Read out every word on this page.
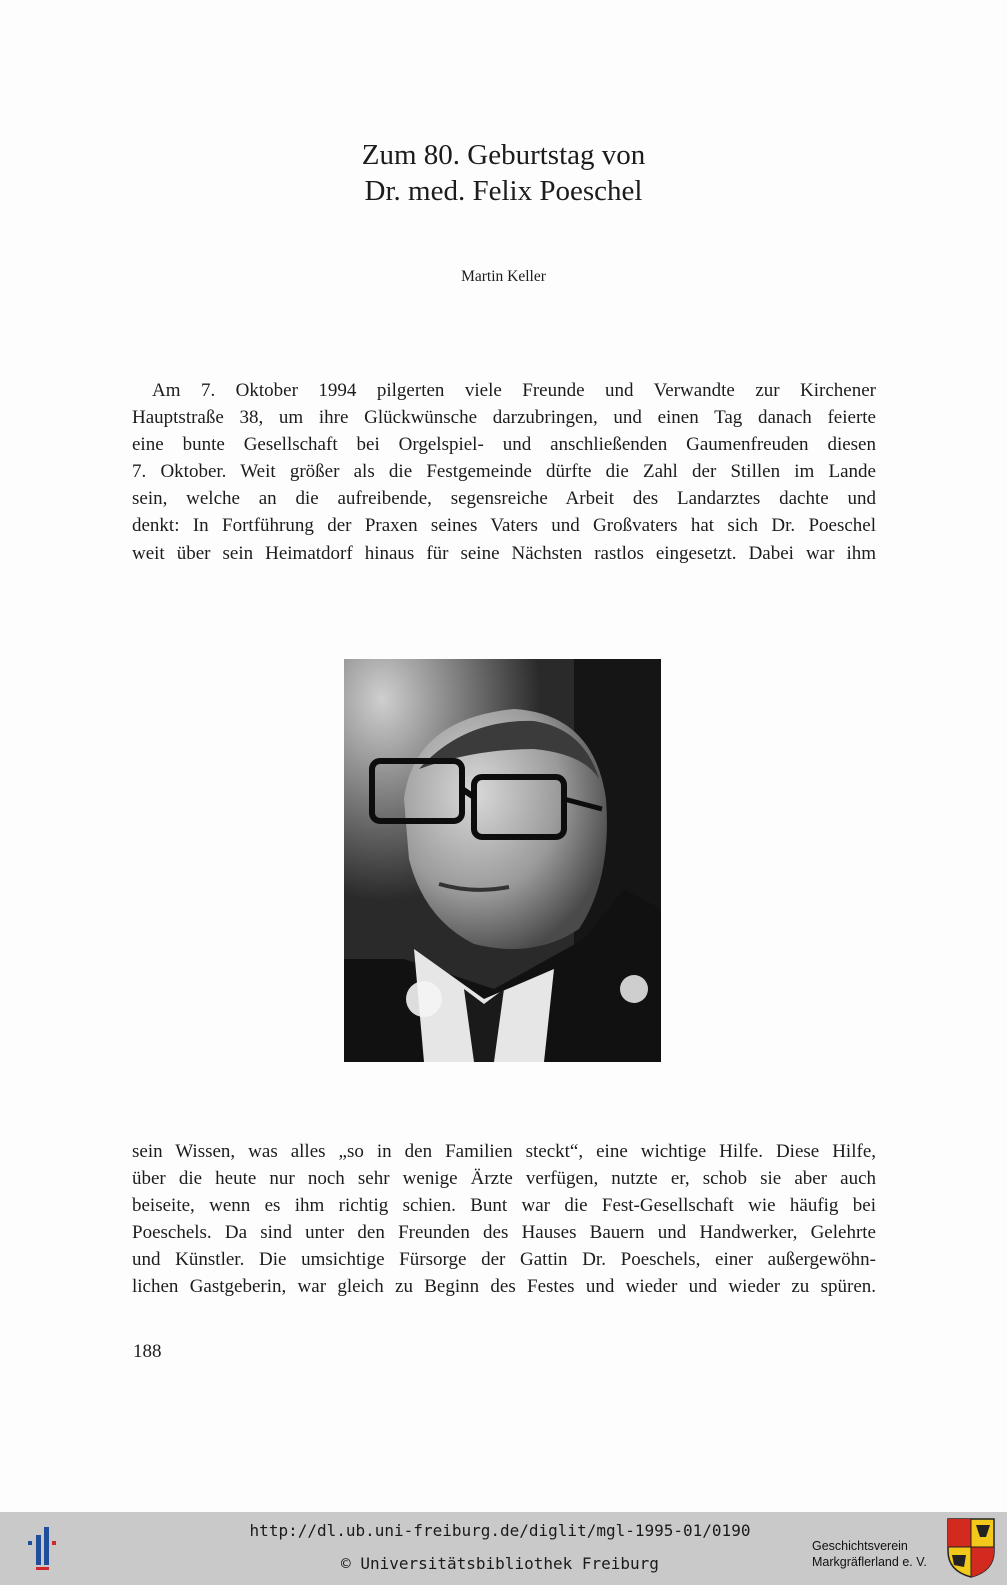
Zum 80. Geburtstag von
Dr. med. Felix Poeschel
Martin Keller
Am 7. Oktober 1994 pilgerten viele Freunde und Verwandte zur Kirchener
Hauptstraße 38, um ihre Glückwünsche darzubringen, und einen Tag danach feierte
eine bunte Gesellschaft bei Orgelspiel- und anschließenden Gaumenfreuden diesen
7. Oktober. Weit größer als die Festgemeinde dürfte die Zahl der Stillen im Lande
sein, welche an die aufreibende, segensreiche Arbeit des Landarztes dachte und
denkt: In Fortführung der Praxen seines Vaters und Großvaters hat sich Dr. Poeschel
weit über sein Heimatdorf hinaus für seine Nächsten rastlos eingesetzt. Dabei war ihm
sein Wissen, was alles „so in den Familien steckt“, eine wichtige Hilfe. Diese Hilfe,
über die heute nur noch sehr wenige Ärzte verfügen, nutzte er, schob sie aber auch
beiseite, wenn es ihm richtig schien. Bunt war die Fest-Gesellschaft wie häufig bei
Poeschels. Da sind unter den Freunden des Hauses Bauern und Handwerker, Gelehrte
und Künstler. Die umsichtige Fürsorge der Gattin Dr. Poeschels, einer außergewöhn-
lichen Gastgeberin, war gleich zu Beginn des Festes und wieder und wieder zu spüren.
188
http://dl.ub.uni-freiburg.de/diglit/mgl-1995-01/0190
© Universitätsbibliothek Freiburg
Geschichtsverein
Markgräflerland e. V.
